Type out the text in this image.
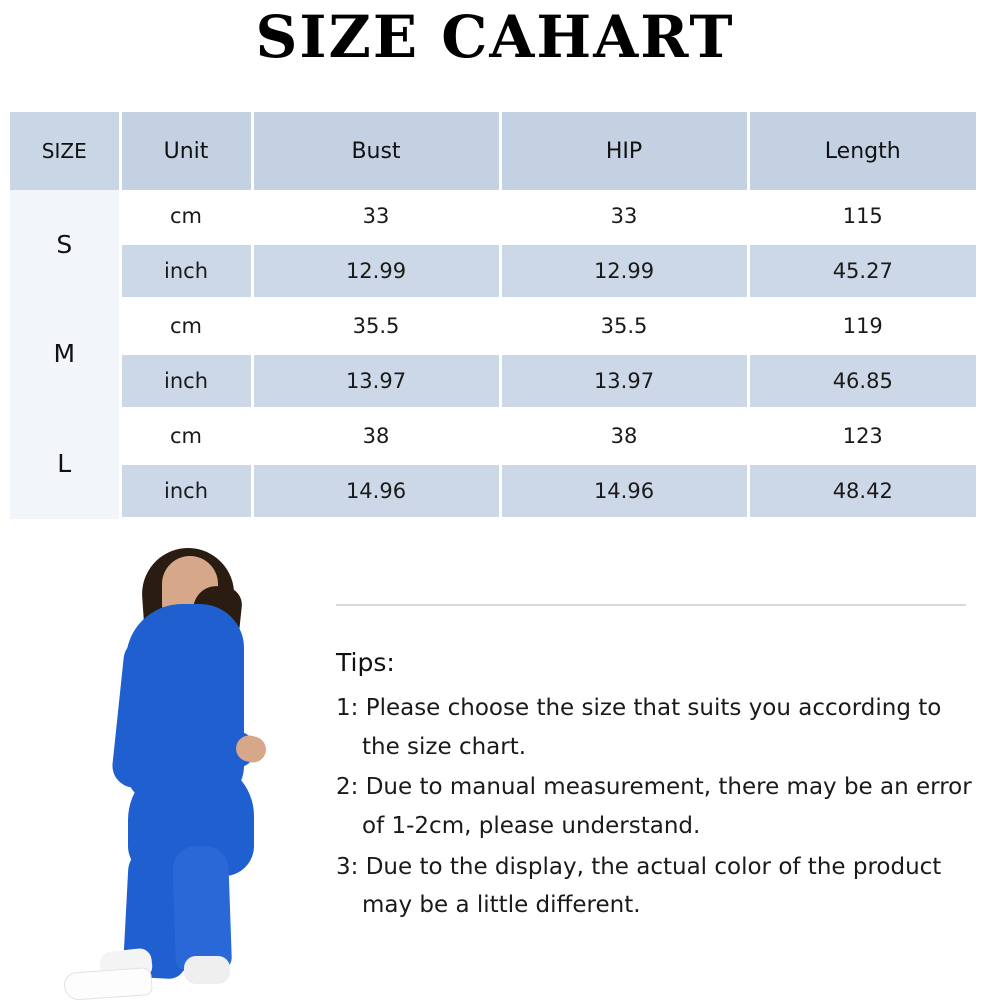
SIZE CAHART
SIZE	Unit	Bust	HIP	Length
S	cm	33	33	115
	inch	12.99	12.99	45.27
M	cm	35.5	35.5	119
	inch	13.97	13.97	46.85
L	cm	38	38	123
	inch	14.96	14.96	48.42
Tips:

1: Please choose the size that suits you according to the size chart.

2: Due to manual measurement, there may be an error of 1-2cm, please understand.

3: Due to the display, the actual color of the product may be a little different.
